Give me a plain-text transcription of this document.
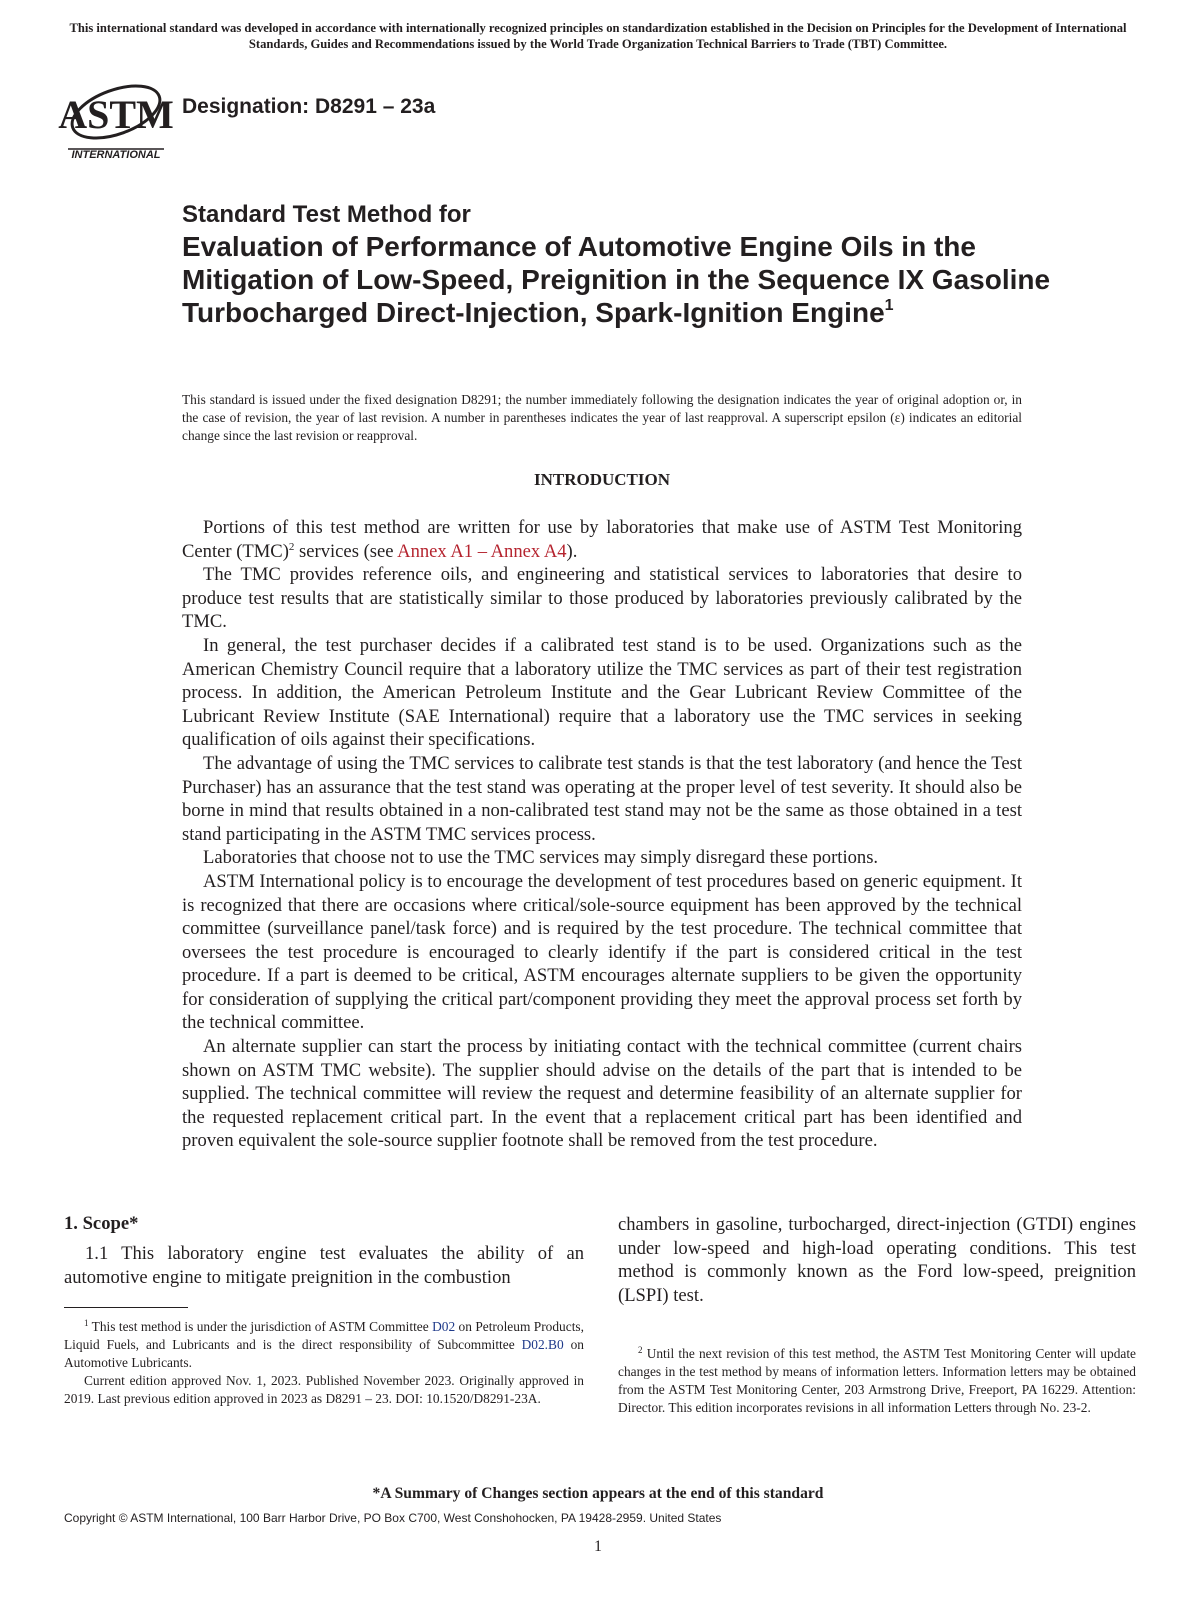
This international standard was developed in accordance with internationally recognized principles on standardization established in the Decision on Principles for the Development of International Standards, Guides and Recommendations issued by the World Trade Organization Technical Barriers to Trade (TBT) Committee.
ASTM
INTERNATIONAL
Designation: D8291 – 23a
Standard Test Method for
Evaluation of Performance of Automotive Engine Oils in the Mitigation of Low-Speed, Preignition in the Sequence IX Gasoline Turbocharged Direct-Injection, Spark-Ignition Engine$^1$
This standard is issued under the fixed designation D8291; the number immediately following the designation indicates the year of original adoption or, in the case of revision, the year of last revision. A number in parentheses indicates the year of last reapproval. A superscript epsilon (ε) indicates an editorial change since the last revision or reapproval.
INTRODUCTION

Portions of this test method are written for use by laboratories that make use of ASTM Test Monitoring Center (TMC)$^2$ services (see Annex A1 – Annex A4).

The TMC provides reference oils, and engineering and statistical services to laboratories that desire to produce test results that are statistically similar to those produced by laboratories previously calibrated by the TMC.

In general, the test purchaser decides if a calibrated test stand is to be used. Organizations such as the American Chemistry Council require that a laboratory utilize the TMC services as part of their test registration process. In addition, the American Petroleum Institute and the Gear Lubricant Review Committee of the Lubricant Review Institute (SAE International) require that a laboratory use the TMC services in seeking qualification of oils against their specifications.

The advantage of using the TMC services to calibrate test stands is that the test laboratory (and hence the Test Purchaser) has an assurance that the test stand was operating at the proper level of test severity. It should also be borne in mind that results obtained in a non-calibrated test stand may not be the same as those obtained in a test stand participating in the ASTM TMC services process.

Laboratories that choose not to use the TMC services may simply disregard these portions.

ASTM International policy is to encourage the development of test procedures based on generic equipment. It is recognized that there are occasions where critical/sole-source equipment has been approved by the technical committee (surveillance panel/task force) and is required by the test procedure. The technical committee that oversees the test procedure is encouraged to clearly identify if the part is considered critical in the test procedure. If a part is deemed to be critical, ASTM encourages alternate suppliers to be given the opportunity for consideration of supplying the critical part/component providing they meet the approval process set forth by the technical committee.

An alternate supplier can start the process by initiating contact with the technical committee (current chairs shown on ASTM TMC website). The supplier should advise on the details of the part that is intended to be supplied. The technical committee will review the request and determine feasibility of an alternate supplier for the requested replacement critical part. In the event that a replacement critical part has been identified and proven equivalent the sole-source supplier footnote shall be removed from the test procedure.

1. Scope*

1.1 This laboratory engine test evaluates the ability of an automotive engine to mitigate preignition in the combustion

$^1$ This test method is under the jurisdiction of ASTM Committee D02 on Petroleum Products, Liquid Fuels, and Lubricants and is the direct responsibility of Subcommittee D02.B0 on Automotive Lubricants.

Current edition approved Nov. 1, 2023. Published November 2023. Originally approved in 2019. Last previous edition approved in 2023 as D8291 – 23. DOI: 10.1520/D8291-23A.

chambers in gasoline, turbocharged, direct-injection (GTDI) engines under low-speed and high-load operating conditions. This test method is commonly known as the Ford low-speed, preignition (LSPI) test.

$^2$ Until the next revision of this test method, the ASTM Test Monitoring Center will update changes in the test method by means of information letters. Information letters may be obtained from the ASTM Test Monitoring Center, 203 Armstrong Drive, Freeport, PA 16229. Attention: Director. This edition incorporates revisions in all information Letters through No. 23-2.

*A Summary of Changes section appears at the end of this standard
Copyright © ASTM International, 100 Barr Harbor Drive, PO Box C700, West Conshohocken, PA 19428-2959. United States
1
